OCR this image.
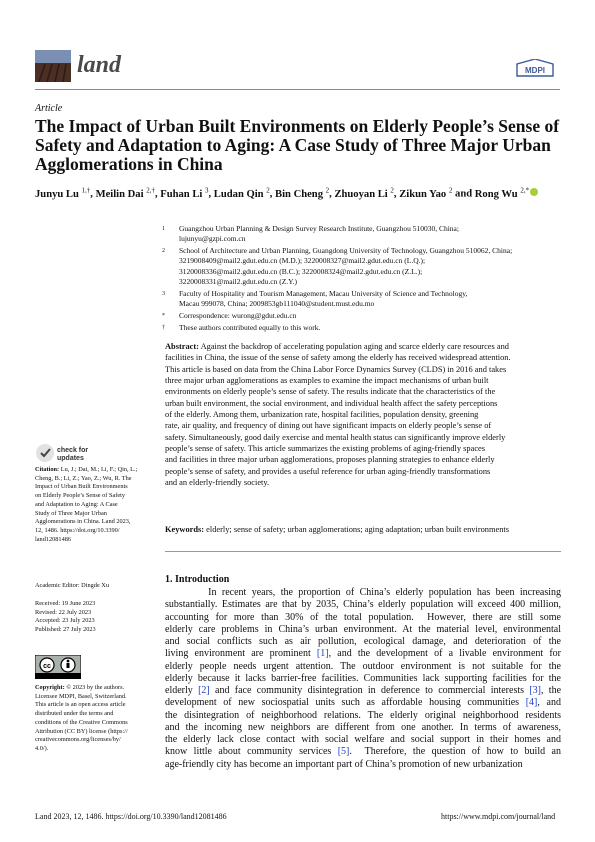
land	MDPI
Article
The Impact of Urban Built Environments on Elderly People’s Sense of Safety and Adaptation to Aging: A Case Study of Three Major Urban Agglomerations in China
Junyu Lu $^{1,\dagger}$, Meilin Dai $^{2,\dagger}$, Fuhan Li $^3$, Ludan Qin $^2$, Bin Cheng $^2$, Zhuoyan Li $^2$, Zikun Yao $^2$ and Rong Wu $^{2,*}$
1	Guangzhou Urban Planning & Design Survey Research Institute, Guangzhou 510030, China;
lujunyu@gzpi.com.cn
2	School of Architecture and Urban Planning, Guangdong University of Technology, Guangzhou 510062, China;
3219008409@mail2.gdut.edu.cn (M.D.); 3220008327@mail2.gdut.edu.cn (L.Q.);
3120008336@mail2.gdut.edu.cn (B.C.); 3220008324@mail2.gdut.edu.cn (Z.L.);
3220008331@mail2.gdut.edu.cn (Z.Y.)
3	Faculty of Hospitality and Tourism Management, Macau University of Science and Technology,
Macau 999078, China; 2009853gb111040@student.must.edu.mo
*	Correspondence: wurong@gdut.edu.cn
†	These authors contributed equally to this work.
check for
updates
Citation: Lu, J.; Dai, M.; Li, F.; Qin, L.;
Cheng, B.; Li, Z.; Yao, Z.; Wu, R. The
Impact of Urban Built Environments
on Elderly People’s Sense of Safety
and Adaptation to Aging: A Case
Study of Three Major Urban
Agglomerations in China. Land 2023,
12, 1486. https://doi.org/10.3390/
land12081486
Academic Editor: Dingde Xu
Received: 19 June 2023
Revised: 22 July 2023
Accepted: 23 July 2023
Published: 27 July 2023
cc
Copyright: © 2023 by the authors.
Licensee MDPI, Basel, Switzerland.
This article is an open access article
distributed under the terms and
conditions of the Creative Commons
Attribution (CC BY) license (https://
creativecommons.org/licenses/by/
4.0/).
Abstract: Against the backdrop of accelerating population aging and scarce elderly care resources and
facilities in China, the issue of the sense of safety among the elderly has received widespread attention.
This article is based on data from the China Labor Force Dynamics Survey (CLDS) in 2016 and takes
three major urban agglomerations as examples to examine the impact mechanisms of urban built
environments on elderly people’s sense of safety. The results indicate that the characteristics of the
urban built environment, the social environment, and individual health affect the safety perceptions
of the elderly. Among them, urbanization rate, hospital facilities, population density, greening
rate, air quality, and frequency of dining out have significant impacts on elderly people’s sense of
safety. Simultaneously, good daily exercise and mental health status can significantly improve elderly
people’s sense of safety. This article summarizes the existing problems of aging-friendly spaces
and facilities in three major urban agglomerations, proposes planning strategies to enhance elderly
people’s sense of safety, and provides a useful reference for urban aging-friendly transformations
and an elderly-friendly society.
Keywords: elderly; sense of safety; urban agglomerations; aging adaptation; urban built environments
1. Introduction
In recent years, the proportion of China’s elderly population has been increasing
substantially. Estimates are that by 2035, China’s elderly population will exceed 400 million,
accounting for more than 30% of the total population.  However, there are still some
elderly care problems in China’s urban environment. At the material level, environmental
and social conflicts such as air pollution, ecological damage, and deterioration of the
living environment are prominent [1], and the development of a livable environment for
elderly people needs urgent attention. The outdoor environment is not suitable for the
elderly because it lacks barrier-free facilities. Communities lack supporting facilities for the
elderly [2] and face community disintegration in deference to commercial interests [3], the
development of new sociospatial units such as affordable housing communities [4], and
the disintegration of neighborhood relations. The elderly original neighborhood residents
and the incoming new neighbors are different from one another. In terms of awareness,
the elderly lack close contact with social welfare and social support in their homes and
know little about community services [5].  Therefore, the question of how to build an
age-friendly city has become an important part of China’s promotion of new urbanization
Land 2023, 12, 1486. https://doi.org/10.3390/land12081486	https://www.mdpi.com/journal/land
